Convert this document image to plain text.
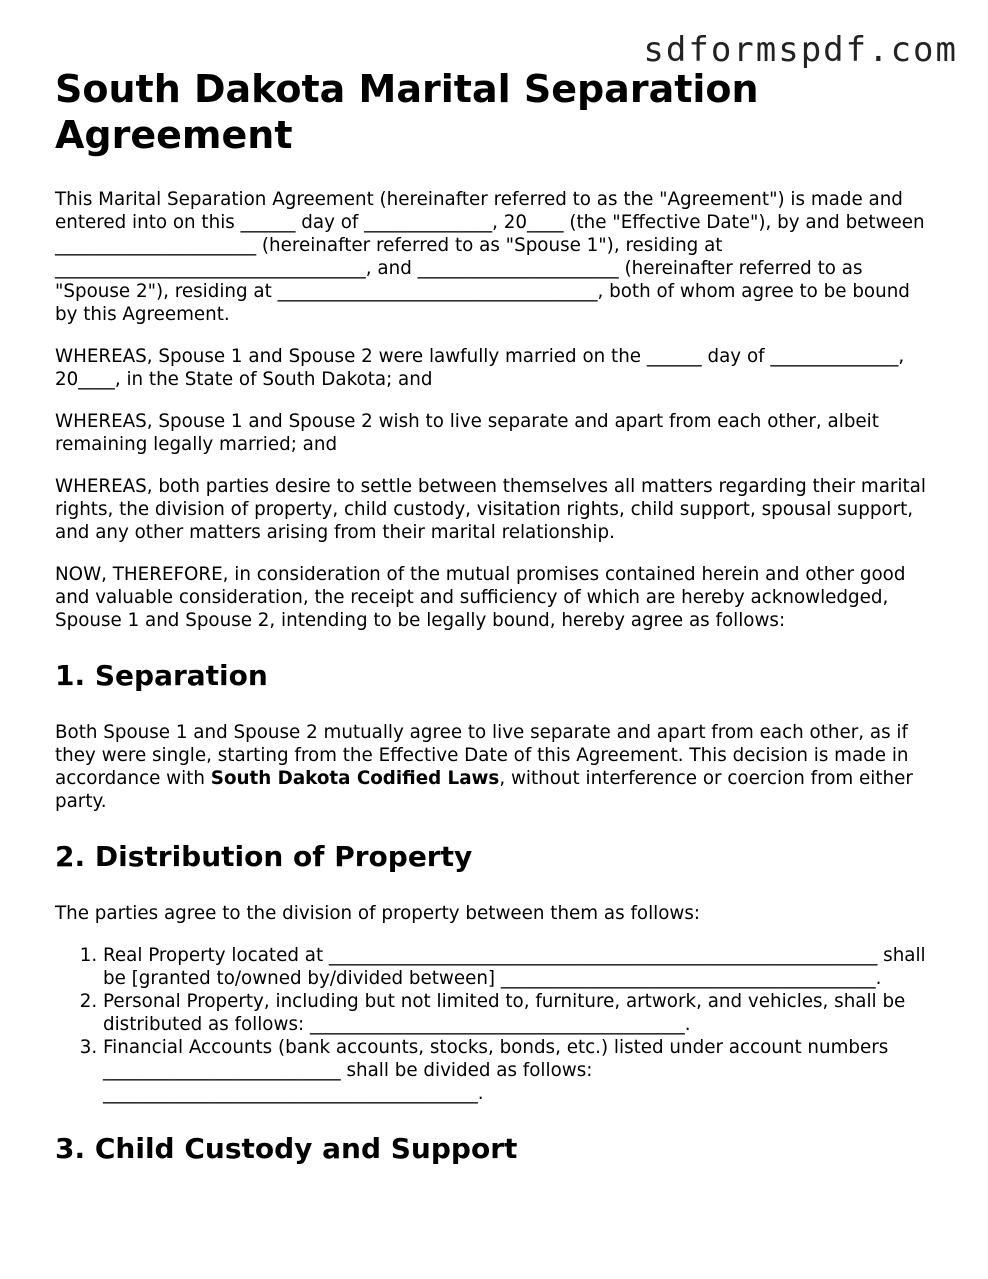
sdformspdf.com
South Dakota Marital Separation Agreement

This Marital Separation Agreement (hereinafter referred to as the "Agreement") is made and entered into on this ______ day of ______________, 20____ (the "Effective Date"), by and between ______________________ (hereinafter referred to as "Spouse 1"), residing at __________________________________, and ______________________ (hereinafter referred to as "Spouse 2"), residing at ___________________________________, both of whom agree to be bound by this Agreement.

WHEREAS, Spouse 1 and Spouse 2 were lawfully married on the ______ day of ______________, 20____, in the State of South Dakota; and

WHEREAS, Spouse 1 and Spouse 2 wish to live separate and apart from each other, albeit remaining legally married; and

WHEREAS, both parties desire to settle between themselves all matters regarding their marital rights, the division of property, child custody, visitation rights, child support, spousal support, and any other matters arising from their marital relationship.

NOW, THEREFORE, in consideration of the mutual promises contained herein and other good and valuable consideration, the receipt and sufficiency of which are hereby acknowledged, Spouse 1 and Spouse 2, intending to be legally bound, hereby agree as follows:

1. Separation

Both Spouse 1 and Spouse 2 mutually agree to live separate and apart from each other, as if they were single, starting from the Effective Date of this Agreement. This decision is made in accordance with South Dakota Codified Laws, without interference or coercion from either party.

2. Distribution of Property

The parties agree to the division of property between them as follows:

1. Real Property located at ____________________________________________________________ shall be [granted to/owned by/divided between] _________________________________________.
2. Personal Property, including but not limited to, furniture, artwork, and vehicles, shall be distributed as follows: _________________________________________.
3. Financial Accounts (bank accounts, stocks, bonds, etc.) listed under account numbers __________________________ shall be divided as follows: _________________________________________.
3. Child Custody and Support
